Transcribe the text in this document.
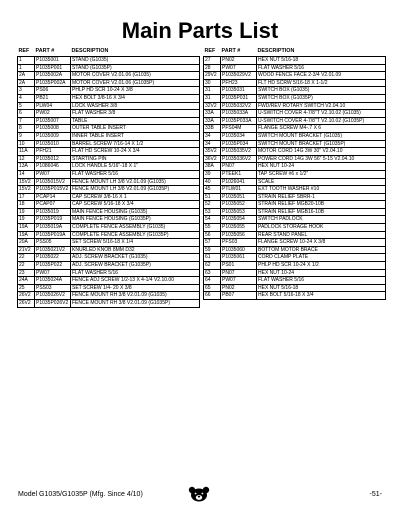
Main Parts List
REF	PART #	DESCRIPTION
1	P1035001	STAND (G1035)
1	P1035P001	STAND (G1035P)
2A	P1035002A	MOTOR COVER V2.01.06 (G1035)
2A	P1035P002A	MOTOR COVER V2.01.06 (G1035P)
3	PS06	PHLP HD SCR 10-24 X 3/8
4	PB21	HEX BOLT 3/8-16 X 3/4
5	PLW04	LOCK WASHER 3/8
6	PW02	FLAT WASHER 3/8
7	P1035007	TABLE
8	P1035008	OUTER TABLE INSERT
9	P1035009	INNER TABLE INSERT
10	P1035010	BARREL SCREW 7/16-14 X 1/2
11A	PFH21	FLAT HD SCREW 10-24 X 3/4
12	P1035012	STARTING PIN
13A	P1086046	LOCK HANDLE 5/16"-18 X 1"
14	PW07	FLAT WASHER 5/16
15V2	P1035015V2	FENCE MOUNT LH 3/8 V2.01.09 (G1035)
15V2	P1035P015V2	FENCE MOUNT LH 3/8 V2.01.09 (G1035P)
17	PCAP14	CAP SCREW 3/8-16 X 1
18	PCAP07	CAP SCREW 5/16-18 X 3/4
19	P1035019	MAIN FENCE HOUSING (G1035)
19	P1035P019	MAIN FENCE HOUSING (G1035P)
19A	P1035019A	COMPLETE FENCE ASSEMBLY (G1035)
19A	P1035P019A	COMPLETE FENCE ASSEMBLY (G1035P)
20A	PSS05	SET SCREW 5/16-18 X 1/4
21V2	P1035021V2	KNURLED KNOB 8MM D32
22	P1035022	ADJ. SCREW BRACKET (G1035)
22	P1035P022	ADJ. SCREW BRACKET (G1035P)
23	PW07	FLAT WASHER 5/16
24A	P1035024A	FENCE ADJ SCREW 1/2-13 X 4-1/4 V2.10.00
25	PSS03	SET SCREW 1/4- 20 X 3/8
26V2	P1035026V2	FENCE MOUNT RH 3/8 V2.01.09 (G1035)
26V2	P1035P026V2	FENCE MOUNT RH 3/8 V2.01.09 (G1035P)
REF	PART #	DESCRIPTION
27	PN02	HEX NUT 5/16-18
28	PW07	FLAT WASHER 5/16
29V2	P1035029V2	WOOD FENCE FACE 2-3/4 V2.01.09
30	PFH23	FLT HD SCRW 5/16-18 X 1-1/2
31	P1035031	SWITCH BOX (G1035)
31	P1035P031	SWITCH BOX (G1035P)
32V2	P1035032V2	FWD/REV ROTARY SWITCH V2.04.10
33A	P1035033A	U-SWITCH COVER 4-7/8"T V2.10.02 (G1035)
33A	P1035P033A	U-SWITCH COVER 4-7/8"T V2.10.02 (G1035P)
33B	PFS04M	FLANGE SCREW M4-.7 X 6
34	P1035034	SWITCH MOUNT BRACKET (G1035)
34	P1035P034	SWITCH MOUNT BRACKET (G1035P)
35V2	P1035035V2	MOTOR CORD 14G 3W 30" V2.04.10
36V2	P1035036V2	POWER CORD 14G 3W 56" 5-15 V2.04.10
38A	PN07	HEX NUT 10-24
39	PTEEK1	TAP SCREW #6 x 1/2"
40	P1026041	SCALE
45	PTLW01	EXT TOOTH WASHER #10
51	P1035051	STRAIN RELIEF SBRR-1
52	P1035052	STRAIN RELIEF MGB20-10B
53	P1035053	STRAIN RELIEF MGB16-10B
54	P1035054	SWITCH PADLOCK
55	P1035055	PADLOCK STORAGE HOOK
56	P1035056	REAR STAND PANEL
57	PFS03	FLANGE SCREW 10-24 X 3/8
59	P1035060	BOTTOM MOTOR BRACE
61	P1035061	CORD CLAMP PLATE
62	PS01	PHLP HD SCR 10-24 X 1/2
63	PN07	HEX NUT 10-24
64	PW07	FLAT WASHER 5/16
65	PN02	HEX NUT 5/16-18
66	PB07	HEX BOLT 5/16-18 X 3/4
Model G1035/G1035P (Mfg. Since 4/10)	-51-
